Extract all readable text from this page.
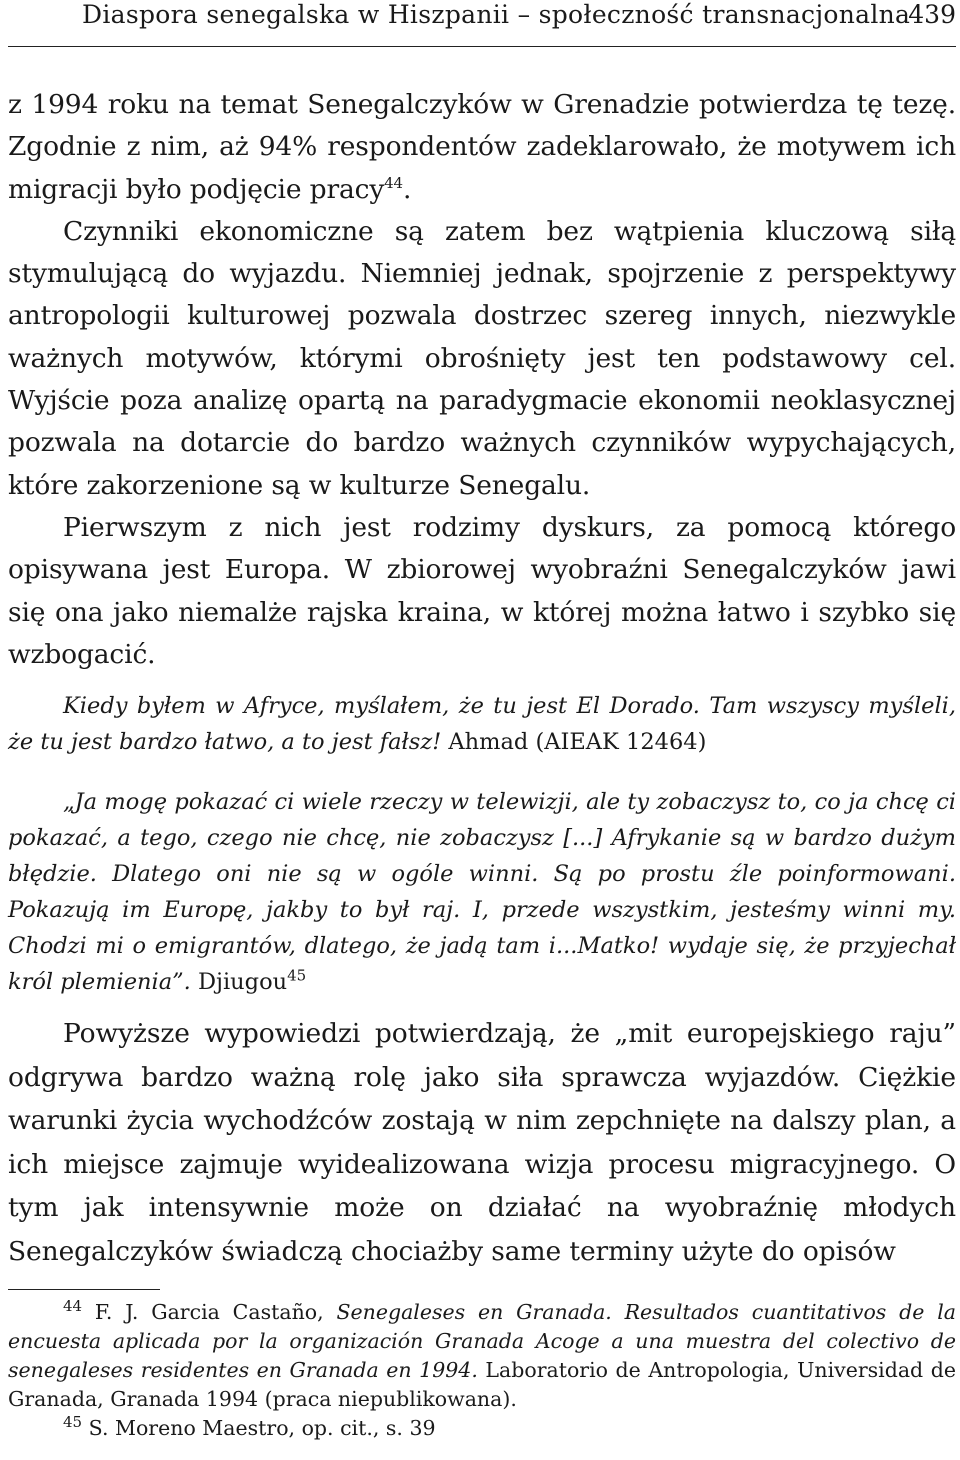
Diaspora senegalska w Hiszpanii – społeczność transnacjonalna
439

z 1994 roku na temat Senegalczyków w Grenadzie potwierdza tę tezę. Zgodnie z nim, aż 94% respondentów zadeklarowało, że motywem ich migracji było podjęcie pracy$^{44}$.

Czynniki ekonomiczne są zatem bez wątpienia kluczową siłą stymulującą do wyjazdu. Niemniej jednak, spojrzenie z perspektywy antropologii kulturowej pozwala dostrzec szereg innych, niezwykle ważnych motywów, którymi obrośnięty jest ten podstawowy cel. Wyjście poza analizę opartą na paradygmacie ekonomii neoklasycznej pozwala na dotarcie do bardzo ważnych czynników wypychających, które zakorzenione są w kulturze Senegalu.

Pierwszym z nich jest rodzimy dyskurs, za pomocą którego opisywana jest Europa. W zbiorowej wyobraźni Senegalczyków jawi się ona jako niemalże rajska kraina, w której można łatwo i szybko się wzbogacić.

Kiedy byłem w Afryce, myślałem, że tu jest El Dorado. Tam wszyscy myśleli, że tu jest bardzo łatwo, a to jest fałsz! Ahmad (AIEAK 12464)
„Ja mogę pokazać ci wiele rzeczy w telewizji, ale ty zobaczysz to, co ja chcę ci pokazać, a tego, czego nie chcę, nie zobaczysz [...] Afrykanie są w bardzo dużym błędzie. Dlatego oni nie są w ogóle winni. Są po prostu źle poinformowani. Pokazują im Europę, jakby to był raj. I, przede wszystkim, jesteśmy winni my. Chodzi mi o emigrantów, dlatego, że jadą tam i...Matko! wydaje się, że przyjechał król plemienia”. Djiugou$^{45}$
Powyższe wypowiedzi potwierdzają, że „mit europejskiego raju” odgrywa bardzo ważną rolę jako siła sprawcza wyjazdów. Ciężkie warunki życia wychodźców zostają w nim zepchnięte na dalszy plan, a ich miejsce zajmuje wyidealizowana wizja procesu migracyjnego. O tym jak intensywnie może on działać na wyobraźnię młodych Senegalczyków świadczą chociażby same terminy użyte do opisów

$^{44}$ F. J. Garcia Castaño, Senegaleses en Granada. Resultados cuantitativos de la encuesta aplicada por la organización Granada Acoge a una muestra del colectivo de senegaleses residentes en Granada en 1994. Laboratorio de Antropologia, Universidad de Granada, Granada 1994 (praca niepublikowana).

$^{45}$ S. Moreno Maestro, op. cit., s. 39
